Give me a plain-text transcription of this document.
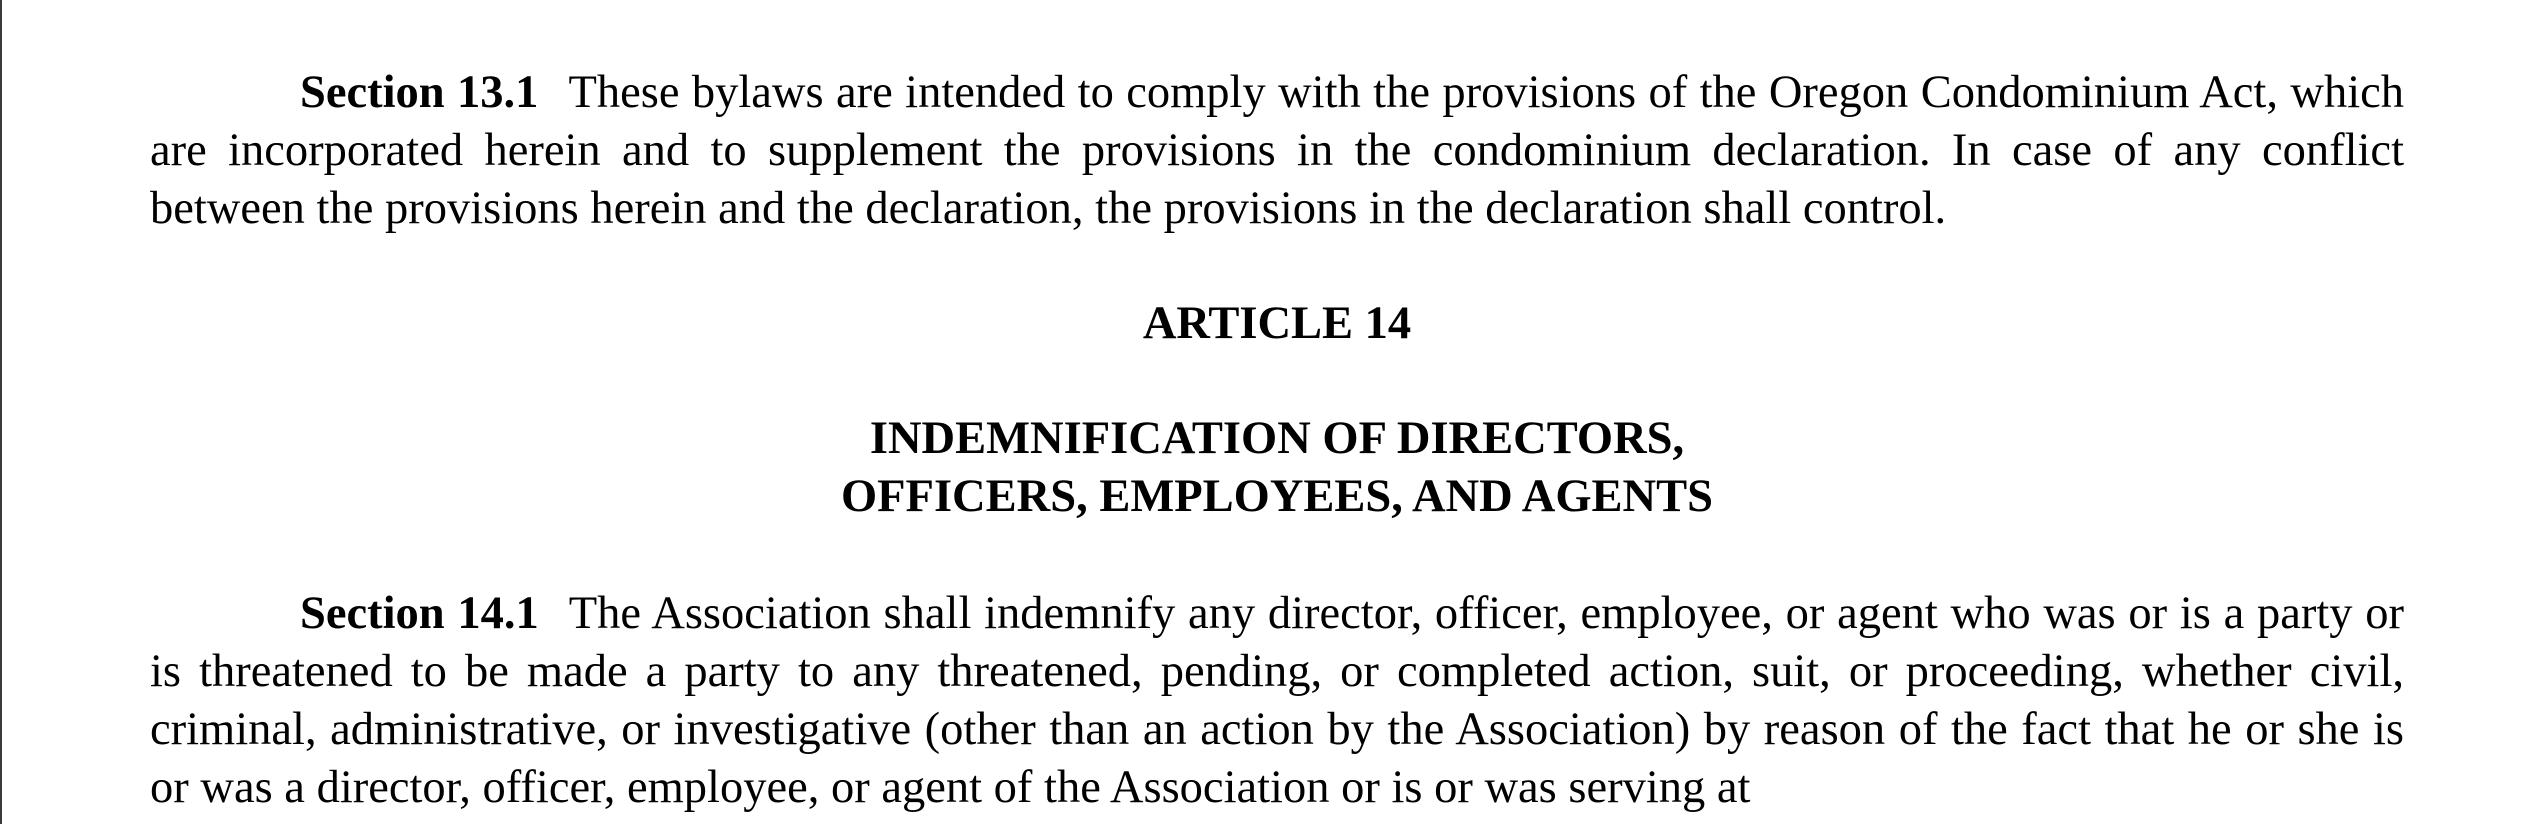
Section 13.1 These bylaws are intended to comply with the provisions of the Oregon Condominium Act, which are incorporated herein and to supplement the provisions in the condominium declaration. In case of any conflict between the provisions herein and the declaration, the provisions in the declaration shall control.

ARTICLE 14

INDEMNIFICATION OF DIRECTORS,

OFFICERS, EMPLOYEES, AND AGENTS

Section 14.1 The Association shall indemnify any director, officer, employee, or agent who was or is a party or is threatened to be made a party to any threatened, pending, or completed action, suit, or proceeding, whether civil, criminal, administrative, or investigative (other than an action by the Association) by reason of the fact that he or she is or was a director, officer, employee, or agent of the Association or is or was serving at
